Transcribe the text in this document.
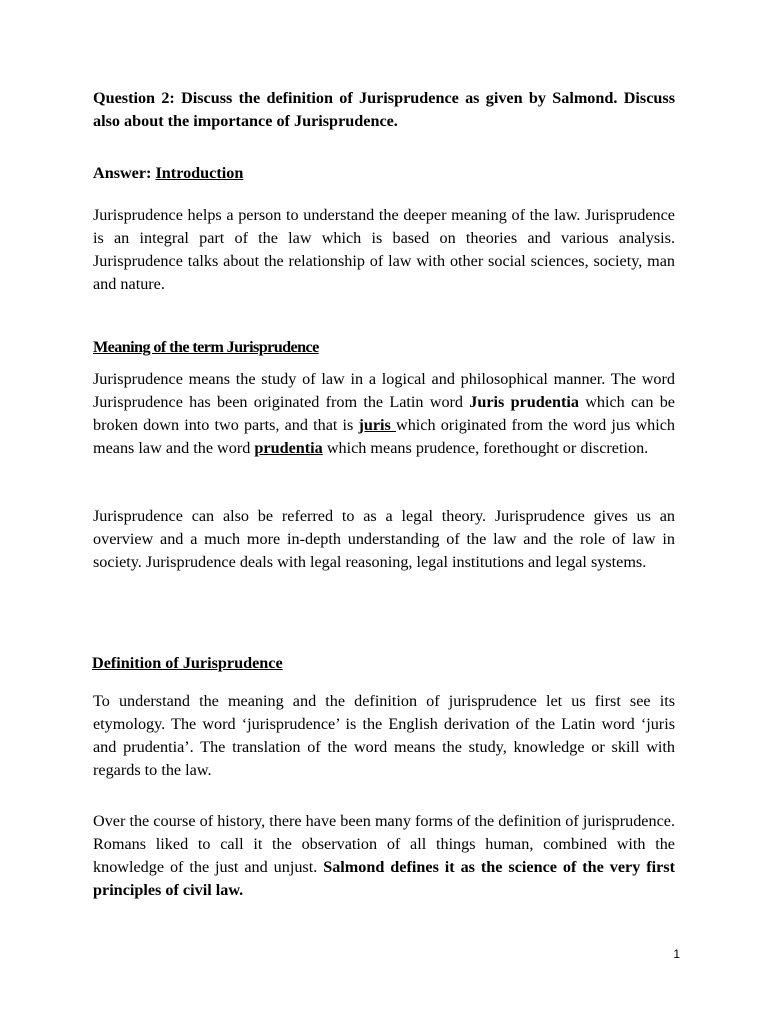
Question 2: Discuss the definition of Jurisprudence as given by Salmond. Discuss also about the importance of Jurisprudence.

Answer: Introduction

Jurisprudence helps a person to understand the deeper meaning of the law. Jurisprudence is an integral part of the law which is based on theories and various analysis. Jurisprudence talks about the relationship of law with other social sciences, society, man and nature.

Meaning of the term Jurisprudence

Jurisprudence means the study of law in a logical and philosophical manner. The word Jurisprudence has been originated from the Latin word Juris prudentia which can be broken down into two parts, and that is juris which originated from the word jus which means law and the word prudentia which means prudence, forethought or discretion.

Jurisprudence can also be referred to as a legal theory. Jurisprudence gives us an overview and a much more in-depth understanding of the law and the role of law in society. Jurisprudence deals with legal reasoning, legal institutions and legal systems.

Definition of Jurisprudence

To understand the meaning and the definition of jurisprudence let us first see its etymology. The word ‘jurisprudence’ is the English derivation of the Latin word ‘juris and prudentia’. The translation of the word means the study, knowledge or skill with regards to the law.

Over the course of history, there have been many forms of the definition of jurisprudence. Romans liked to call it the observation of all things human, combined with the knowledge of the just and unjust. Salmond defines it as the science of the very first principles of civil law.

1
